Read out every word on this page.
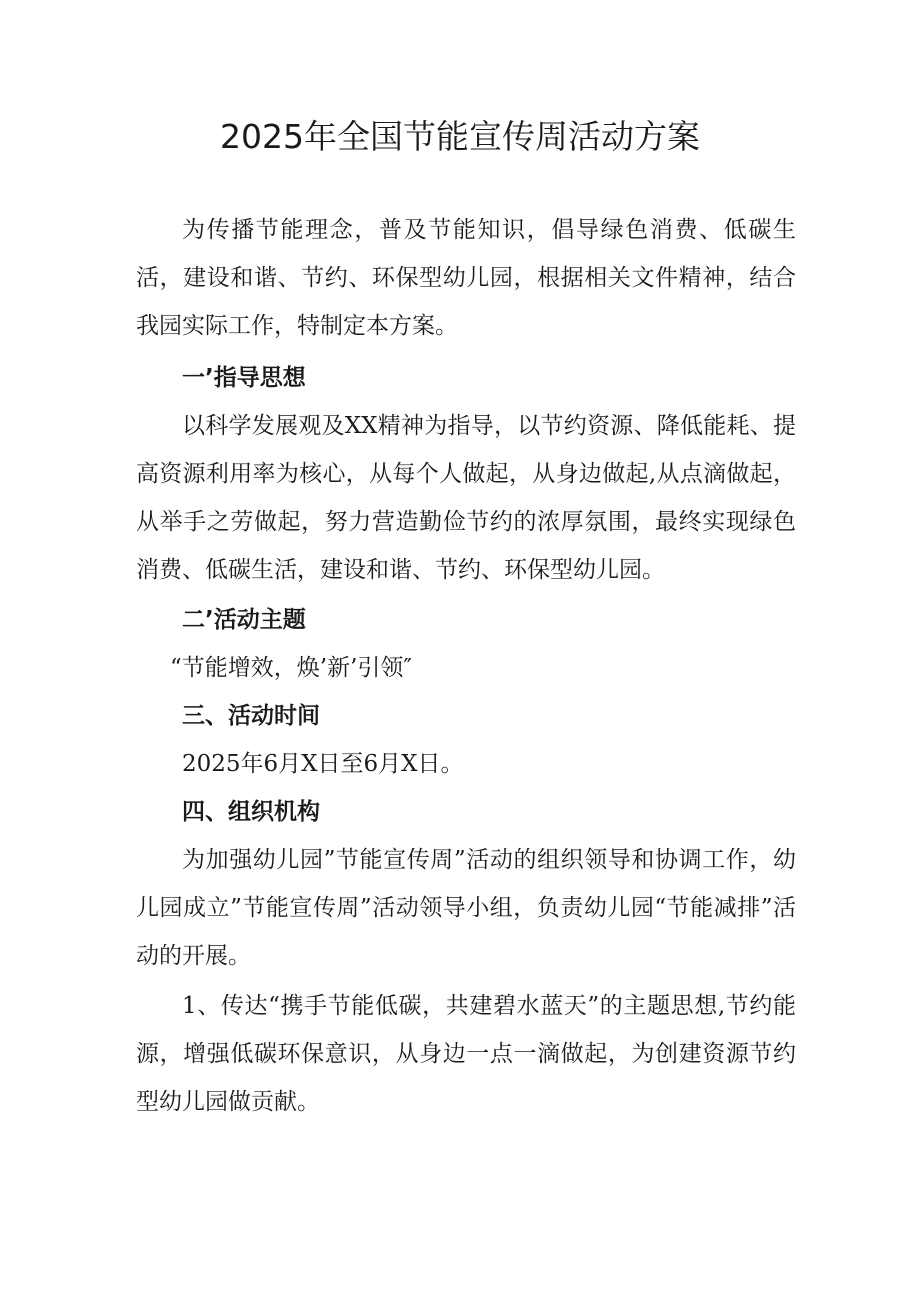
2025年全国节能宣传周活动方案

为传播节能理念，普及节能知识，倡导绿色消费、低碳生活，建设和谐、节约、环保型幼儿园，根据相关文件精神，结合我园实际工作，特制定本方案。

一’指导思想

以科学发展观及XX精神为指导，以节约资源、降低能耗、提高资源利用率为核心，从每个人做起，从身边做起,从点滴做起，从举手之劳做起，努力营造勤俭节约的浓厚氛围，最终实现绿色消费、低碳生活，建设和谐、节约、环保型幼儿园。

二’活动主题

“节能增效，焕’新’引领″

三、活动时间

2025年6月X日至6月X日。

四、组织机构

为加强幼儿园”节能宣传周”活动的组织领导和协调工作，幼儿园成立”节能宣传周”活动领导小组，负责幼儿园“节能减排”活动的开展。

1、传达“携手节能低碳，共建碧水蓝天”的主题思想,节约能源，增强低碳环保意识，从身边一点一滴做起，为创建资源节约型幼儿园做贡献。
